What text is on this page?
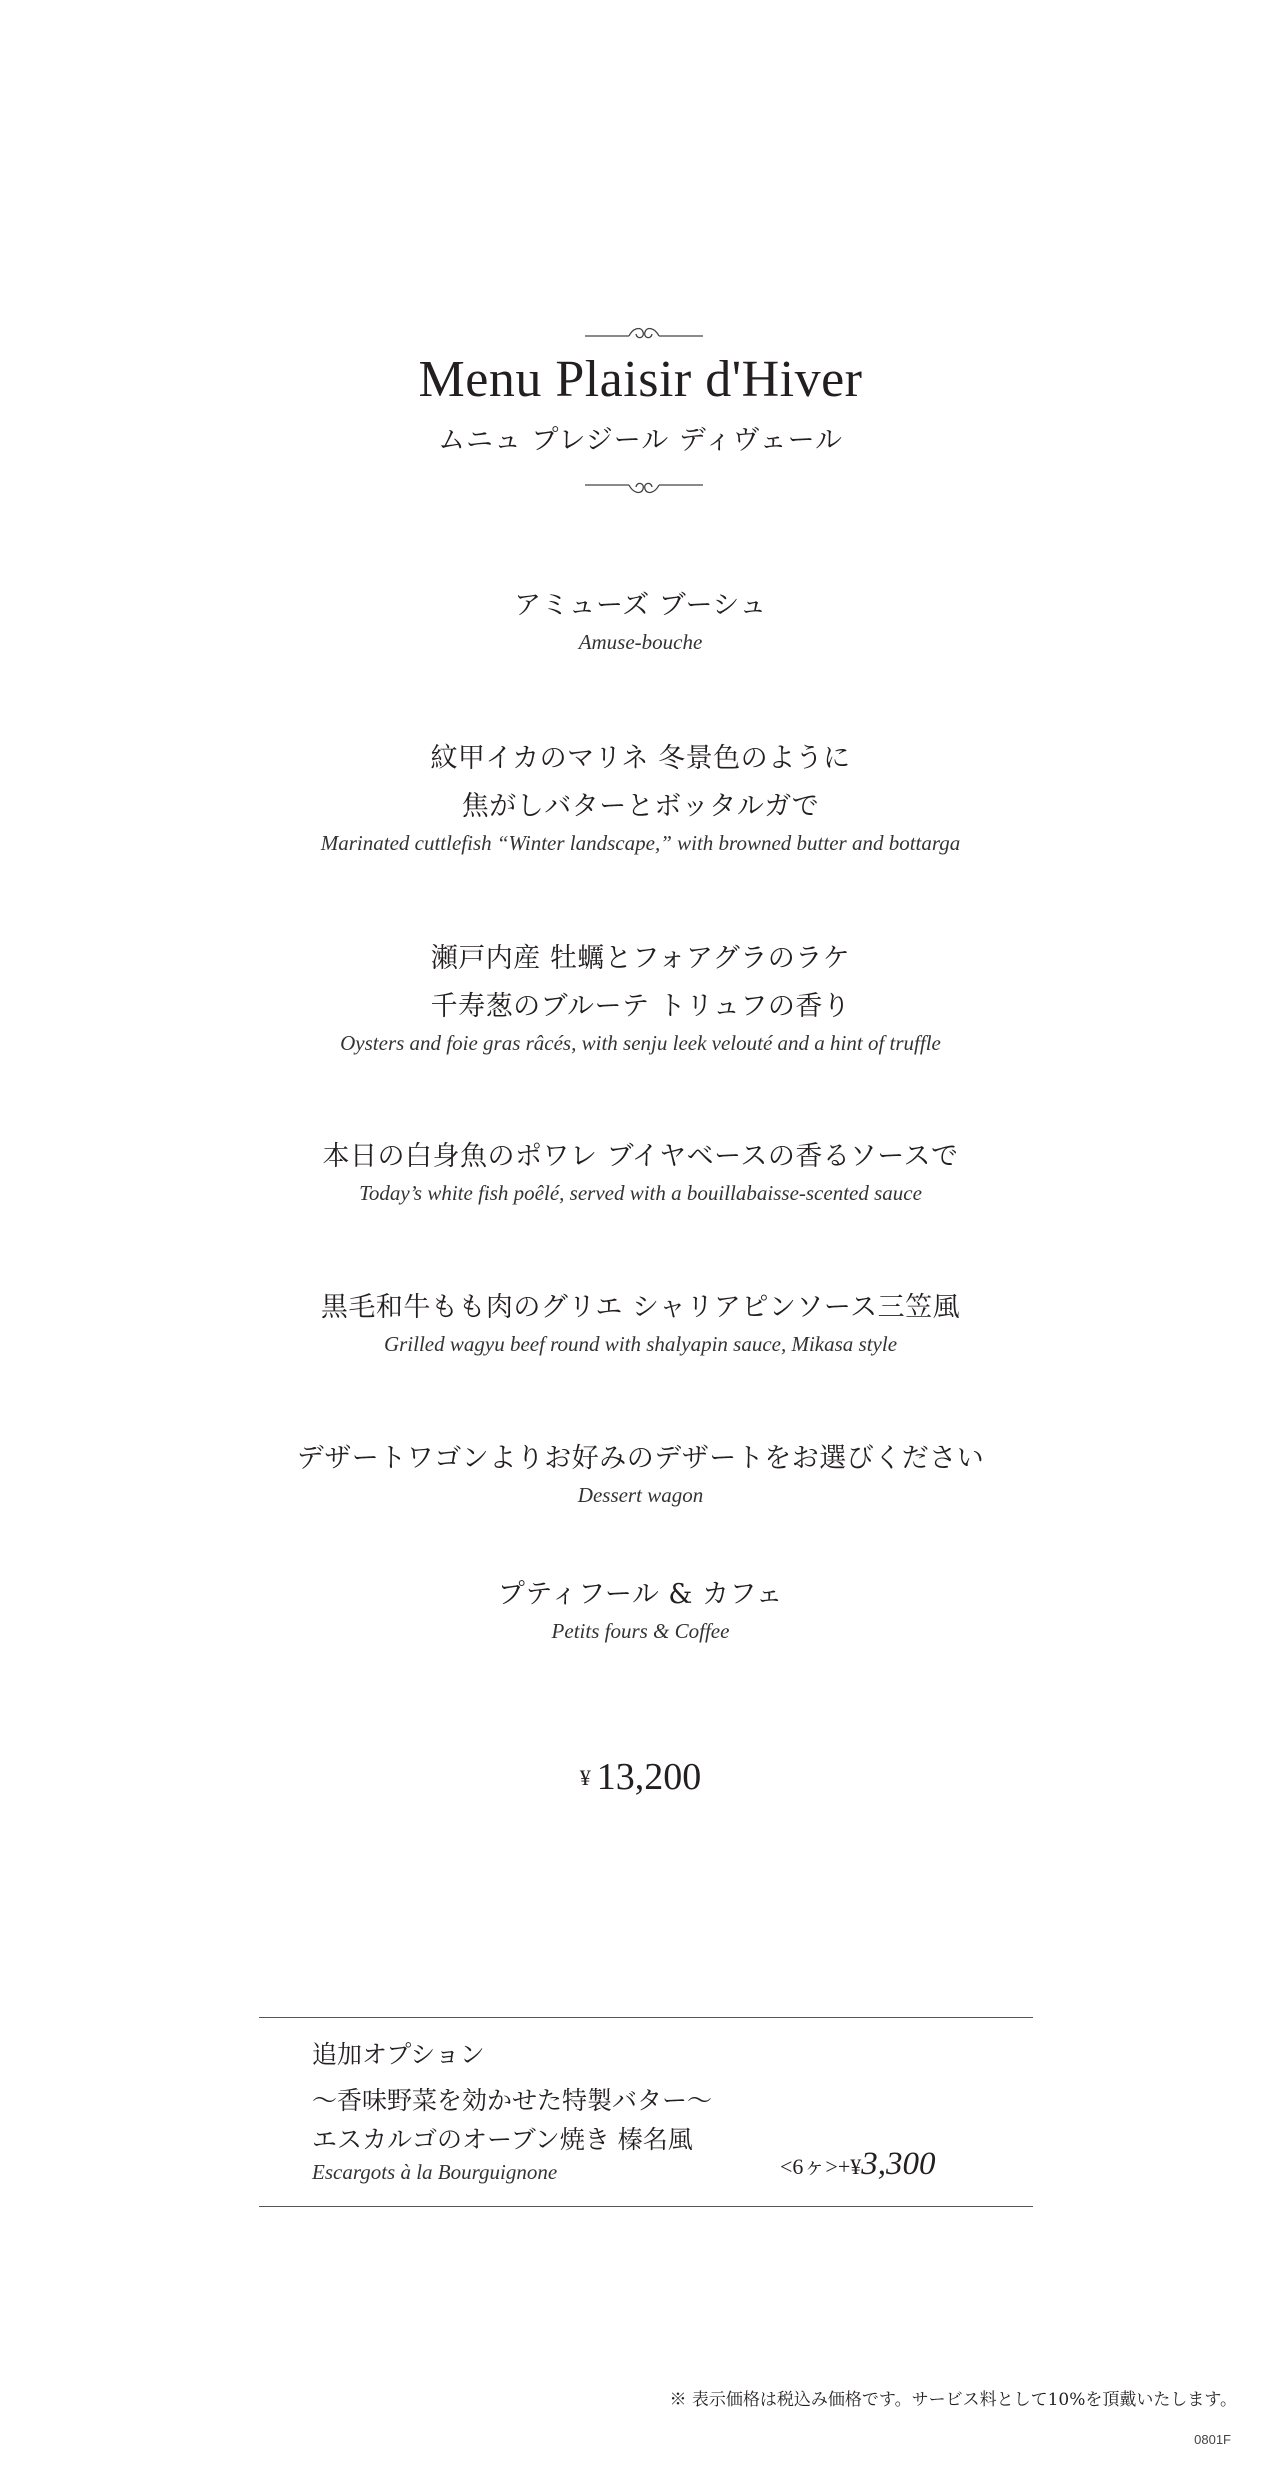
Menu Plaisir d'Hiver
ムニュ プレジール ディヴェール
アミューズ ブーシュ
Amuse-bouche
紋甲イカのマリネ 冬景色のように
焦がしバターとボッタルガで
Marinated cuttlefish “Winter landscape,” with browned butter and bottarga
瀬戸内産 牡蠣とフォアグラのラケ
千寿葱のブルーテ トリュフの香り
Oysters and foie gras râcés, with senju leek velouté and a hint of truffle
本日の白身魚のポワレ ブイヤベースの香るソースで
Today’s white fish poêlé, served with a bouillabaisse-scented sauce
黒毛和牛もも肉のグリエ シャリアピンソース三笠風
Grilled wagyu beef round with shalyapin sauce, Mikasa style
デザートワゴンよりお好みのデザートをお選びください
Dessert wagon
プティフール & カフェ
Petits fours & Coffee
¥ 13,200
追加オプション
〜香味野菜を効かせた特製バター〜
エスカルゴのオーブン焼き 榛名風
Escargots à la Bourguignone	<6ヶ>+¥3,300
※ 表示価格は税込み価格です。サービス料として10%を頂戴いたします。
0801F
